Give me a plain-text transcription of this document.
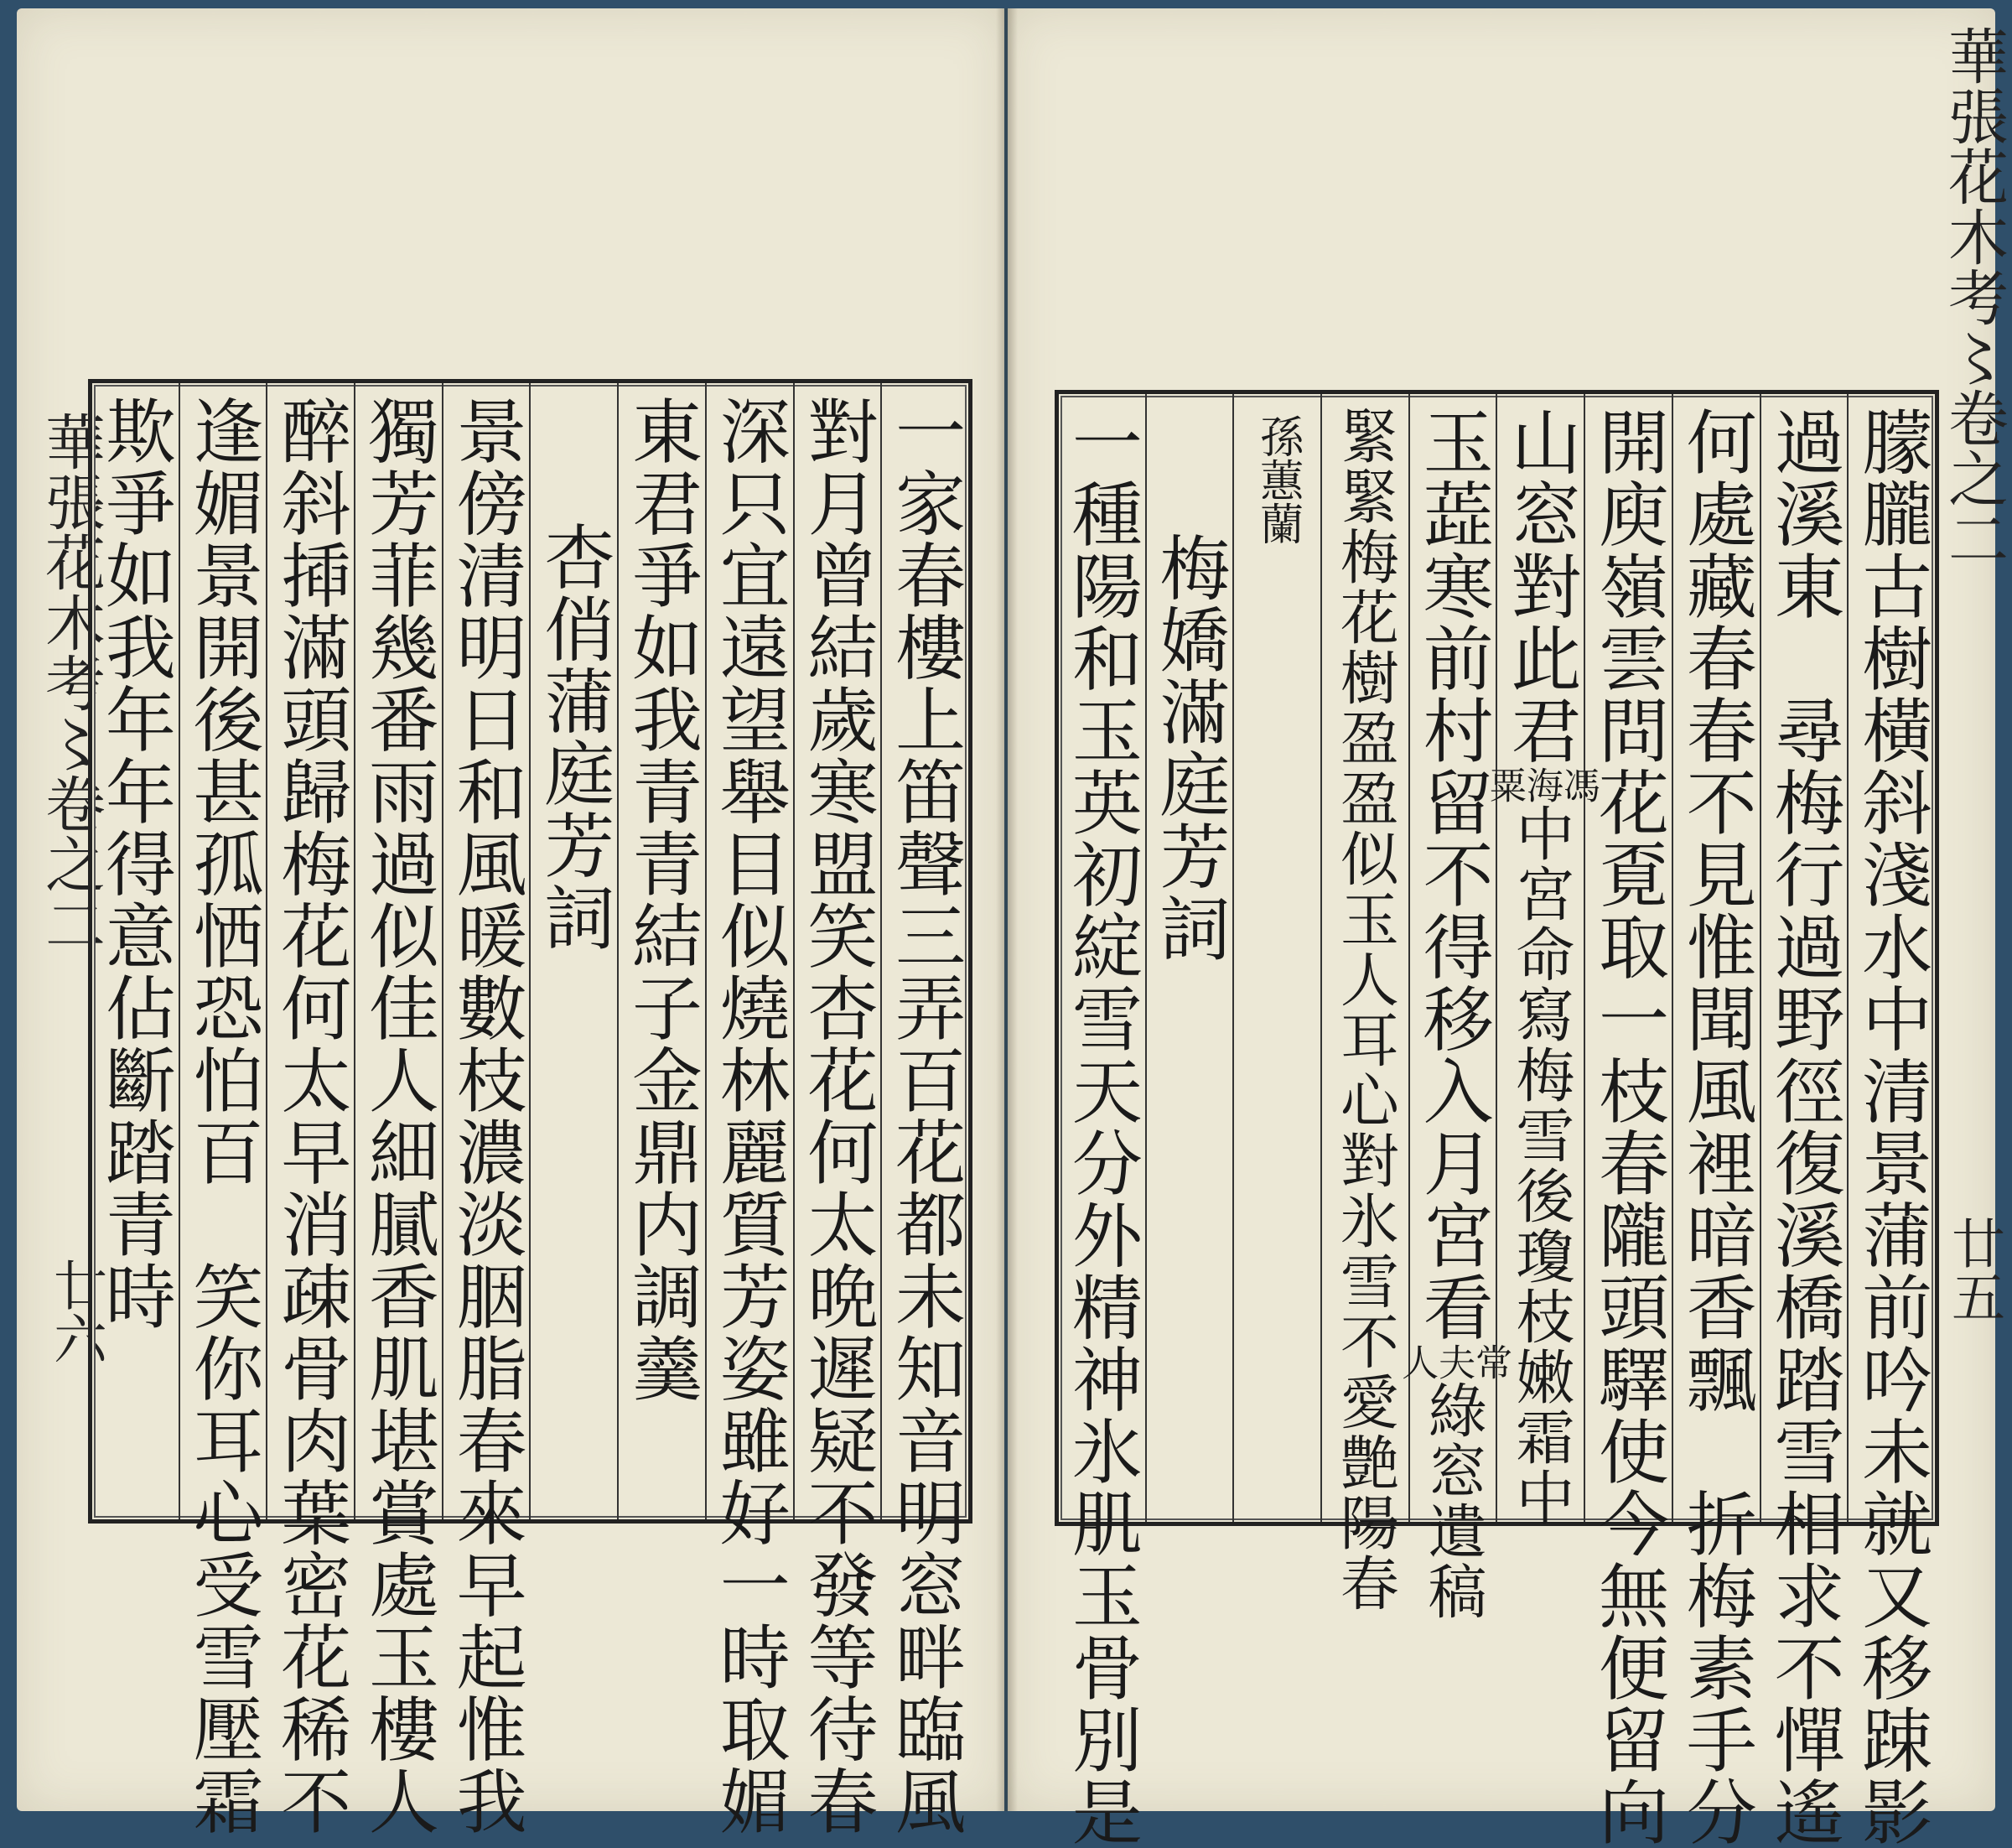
華張花木考〻卷之二
廿六
華張花木考〻卷之二
廿五
一家春樓上笛聲三弄百花都未知音明窓畔臨風
對月曾結歲寒盟笑杏花何太晩遲疑不發等待春
深只宜遠望舉目似燒林麗質芳姿雖好一時取媚
東君爭如我青青結子金鼎内調羹
杏俏蒲庭芳詞
景傍清明日和風暖數枝濃淡胭脂春來早起惟我
獨芳菲幾番雨過似佳人細膩香肌堪賞處玉樓人
醉斜揷滿頭歸梅花何太早消疎骨肉葉密花稀不
逢媚景開後甚孤恓恐怕百　笑你耳心受雪壓霜
欺爭如我年年得意佔斷踏青時	朦朧古樹橫斜淺水中清景蒲前吟未就又移踈影
過溪東　尋梅行過野徑復溪橋踏雪相求不憚遙
何處藏春春不見惟聞風裡暗香飄　折梅素手分
開庾嶺雲問花覔取一枝春隴頭驛使今無便留向
山窓對此君
馮海粟
中宮命寫梅雪後瓊枝嫩霜中
玉蕋寒前村留不得移入月宮看
常夫人
綠窓遺稿
緊緊梅花樹盈盈似玉人耳心對氷雪不愛艶陽春
孫蕙蘭
梅嬌滿庭芳詞
一種陽和玉英初綻雪天分外精神氷肌玉骨別是
